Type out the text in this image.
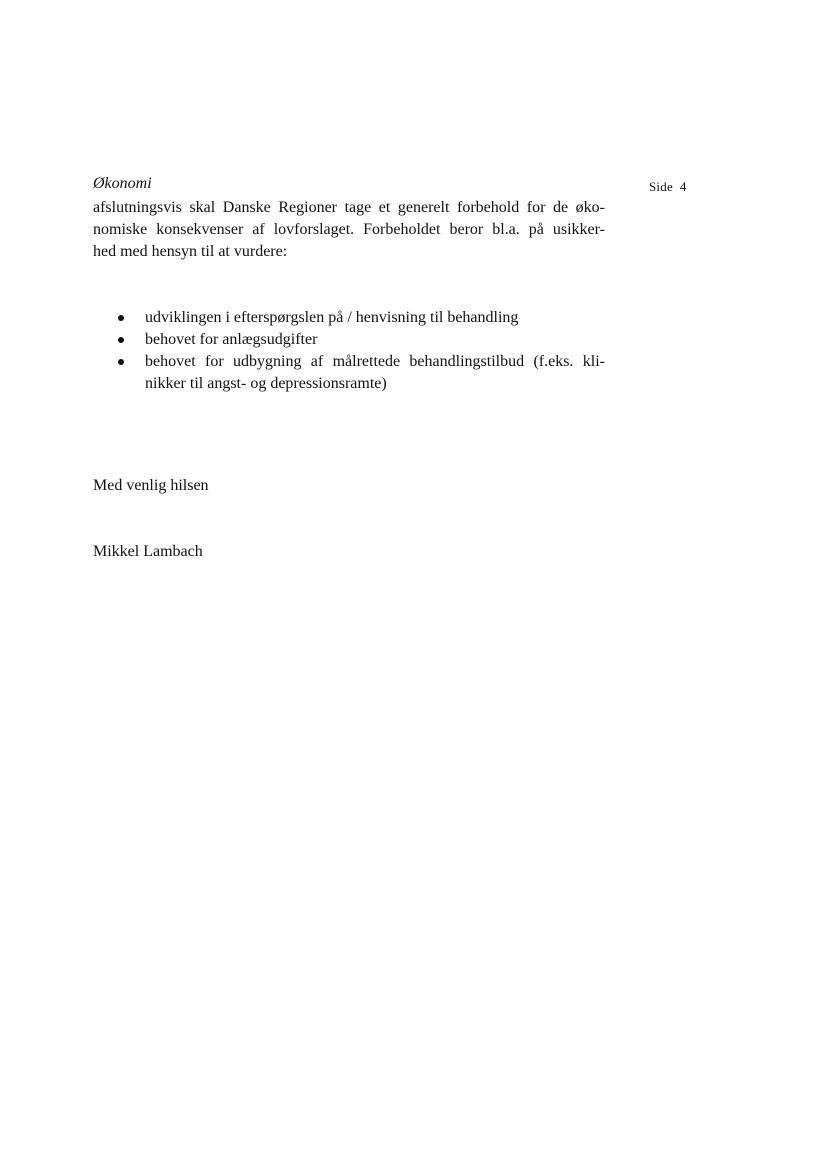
Side 4
Økonomi

afslutningsvis skal Danske Regioner tage et generelt forbehold for de øko-
nomiske konsekvenser af lovforslaget. Forbeholdet beror bl.a. på usikker-
hed med hensyn til at vurdere:

udviklingen i efterspørgslen på / henvisning til behandling
behovet for anlægsudgifter
behovet for udbygning af målrettede behandlingstilbud (f.eks. kli-
nikker til angst- og depressionsramte)
Med venlig hilsen
Mikkel Lambach
